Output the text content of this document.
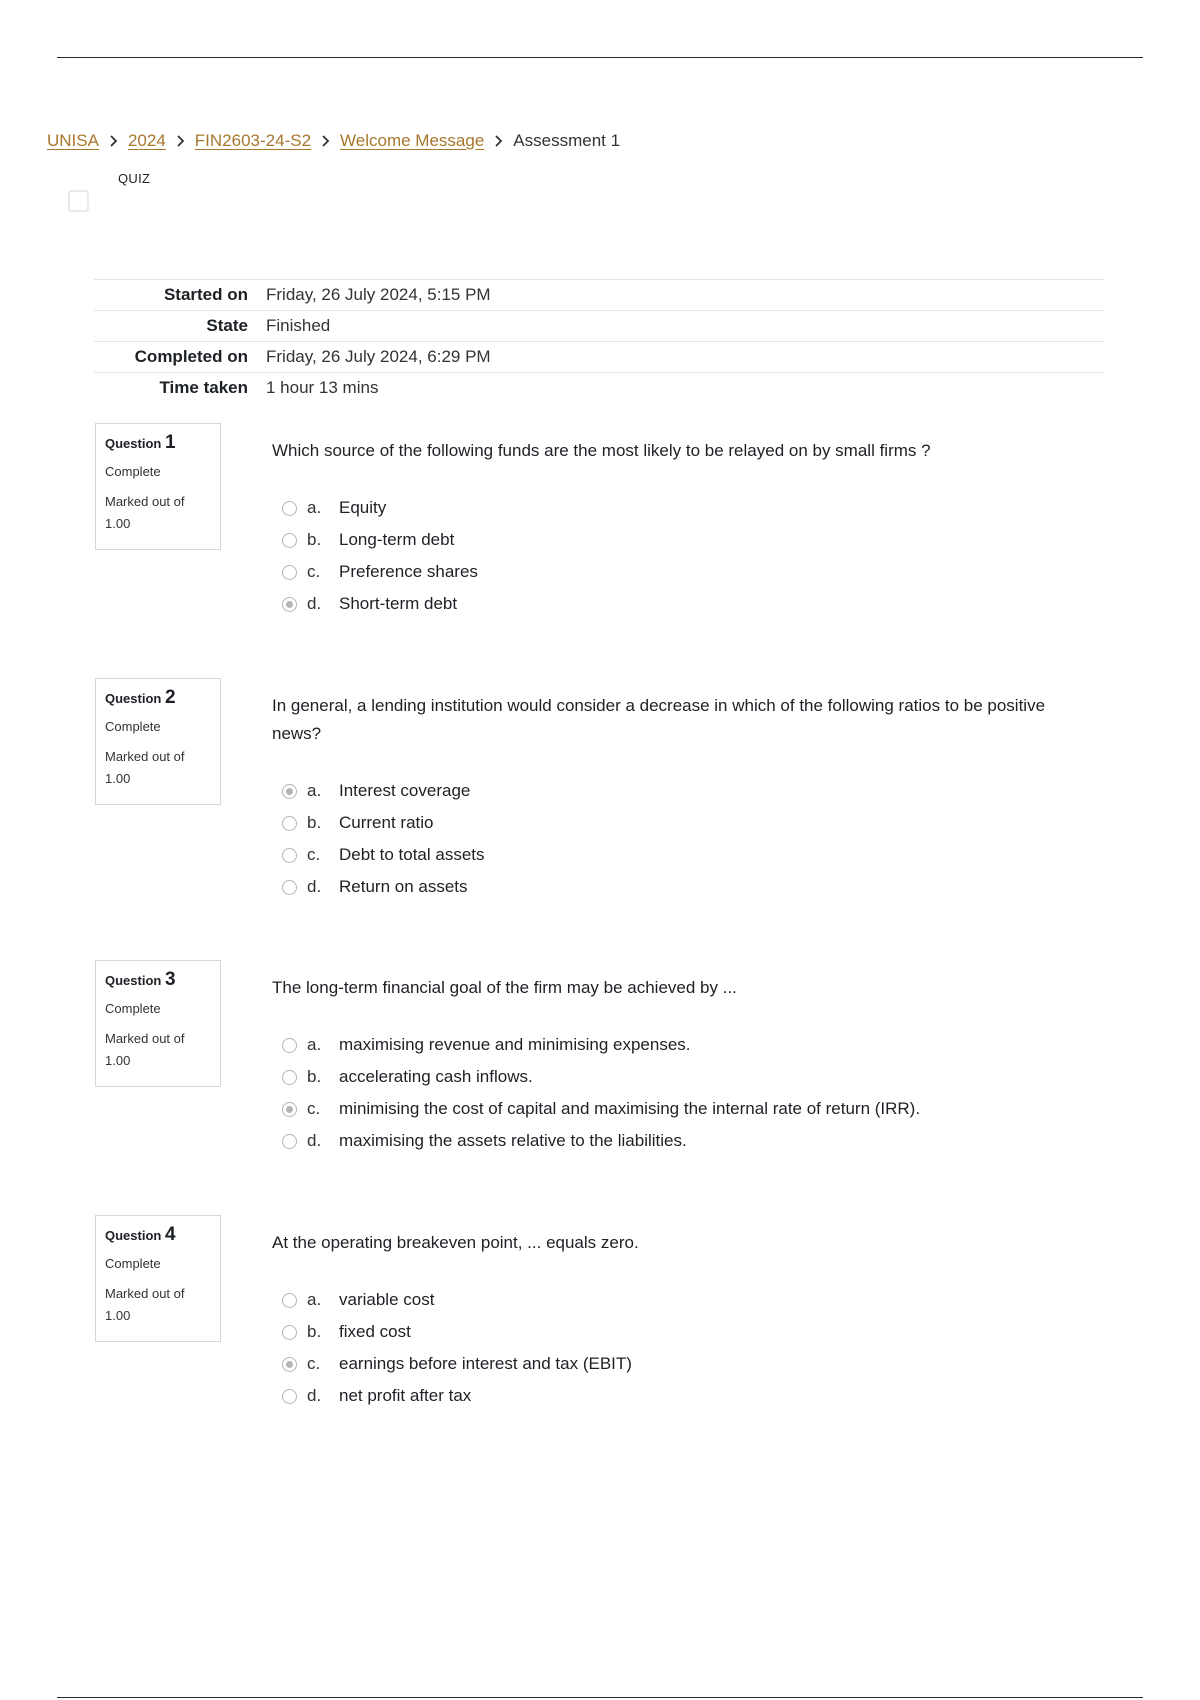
UNISA 2024 FIN2603-24-S2 Welcome Message Assessment 1
QUIZ
Started on	Friday, 26 July 2024, 5:15 PM
State	Finished
Completed on	Friday, 26 July 2024, 6:29 PM
Time taken	1 hour 13 mins
Question 1
Complete
Marked out of 1.00
Which source of the following funds are the most likely to be relayed on by small firms ?
a.	Equity
b.	Long-term debt
c.	Preference shares
d.	Short-term debt
Question 2
Complete
Marked out of 1.00
In general, a lending institution would consider a decrease in which of the following ratios to be positive news?
a.	Interest coverage
b.	Current ratio
c.	Debt to total assets
d.	Return on assets
Question 3
Complete
Marked out of 1.00
The long-term financial goal of the firm may be achieved by ...
a.	maximising revenue and minimising expenses.
b.	accelerating cash inflows.
c.	minimising the cost of capital and maximising the internal rate of return (IRR).
d.	maximising the assets relative to the liabilities.
Question 4
Complete
Marked out of 1.00
At the operating breakeven point, ... equals zero.
a.	variable cost
b.	fixed cost
c.	earnings before interest and tax (EBIT)
d.	net profit after tax
